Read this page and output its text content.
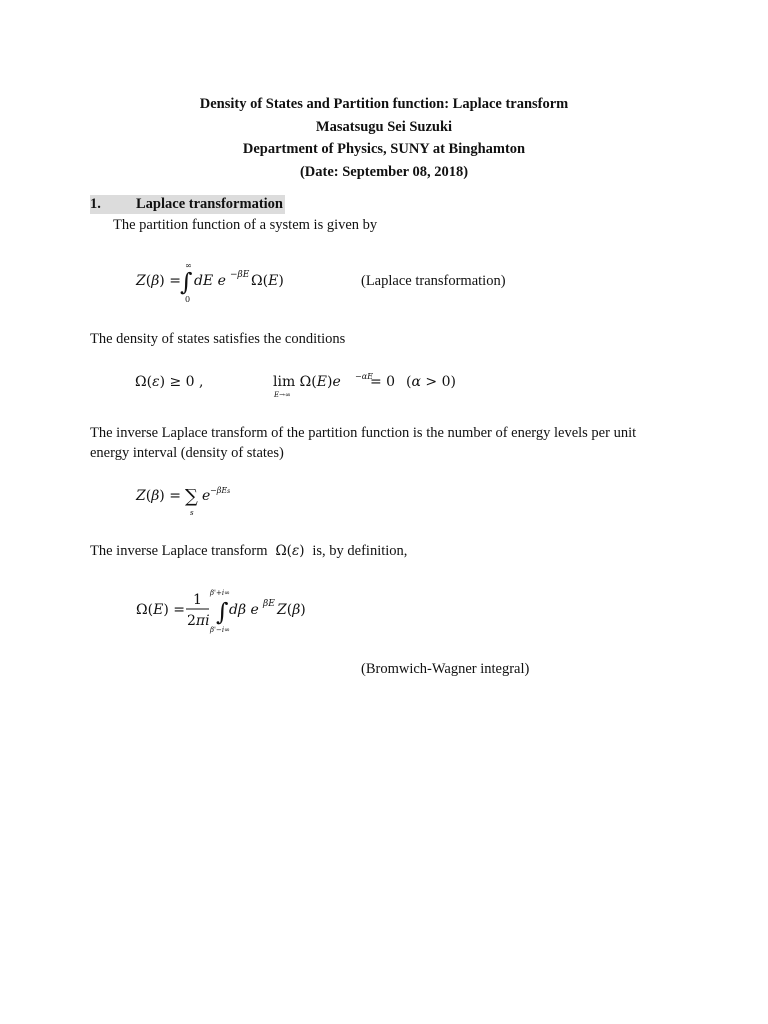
Density of States and Partition function: Laplace transform
Masatsugu Sei Suzuki
Department of Physics, SUNY at Binghamton
(Date: September 08, 2018)
1. Laplace transformation
The partition function of a system is given by
Z(β) = ∫
∞
0
dE e −βE Ω(E)	(Laplace transformation)
The density of states satisfies the conditions
Ω(ε) ≥ 0 ,	lim Ω(E)e −αE
= 0
E→∞
(α > 0)
The inverse Laplace transform of the partition function is the number of energy levels per unit
energy interval (density of states)
Z(β) = ∑
s
e −βEs
The inverse Laplace transform  Ω(ε)  is, by definition,
Ω(E) =
1
2πi ∫
β'+i∞
β'−i∞
dβ e βE Z(β)
(Bromwich-Wagner integral)
